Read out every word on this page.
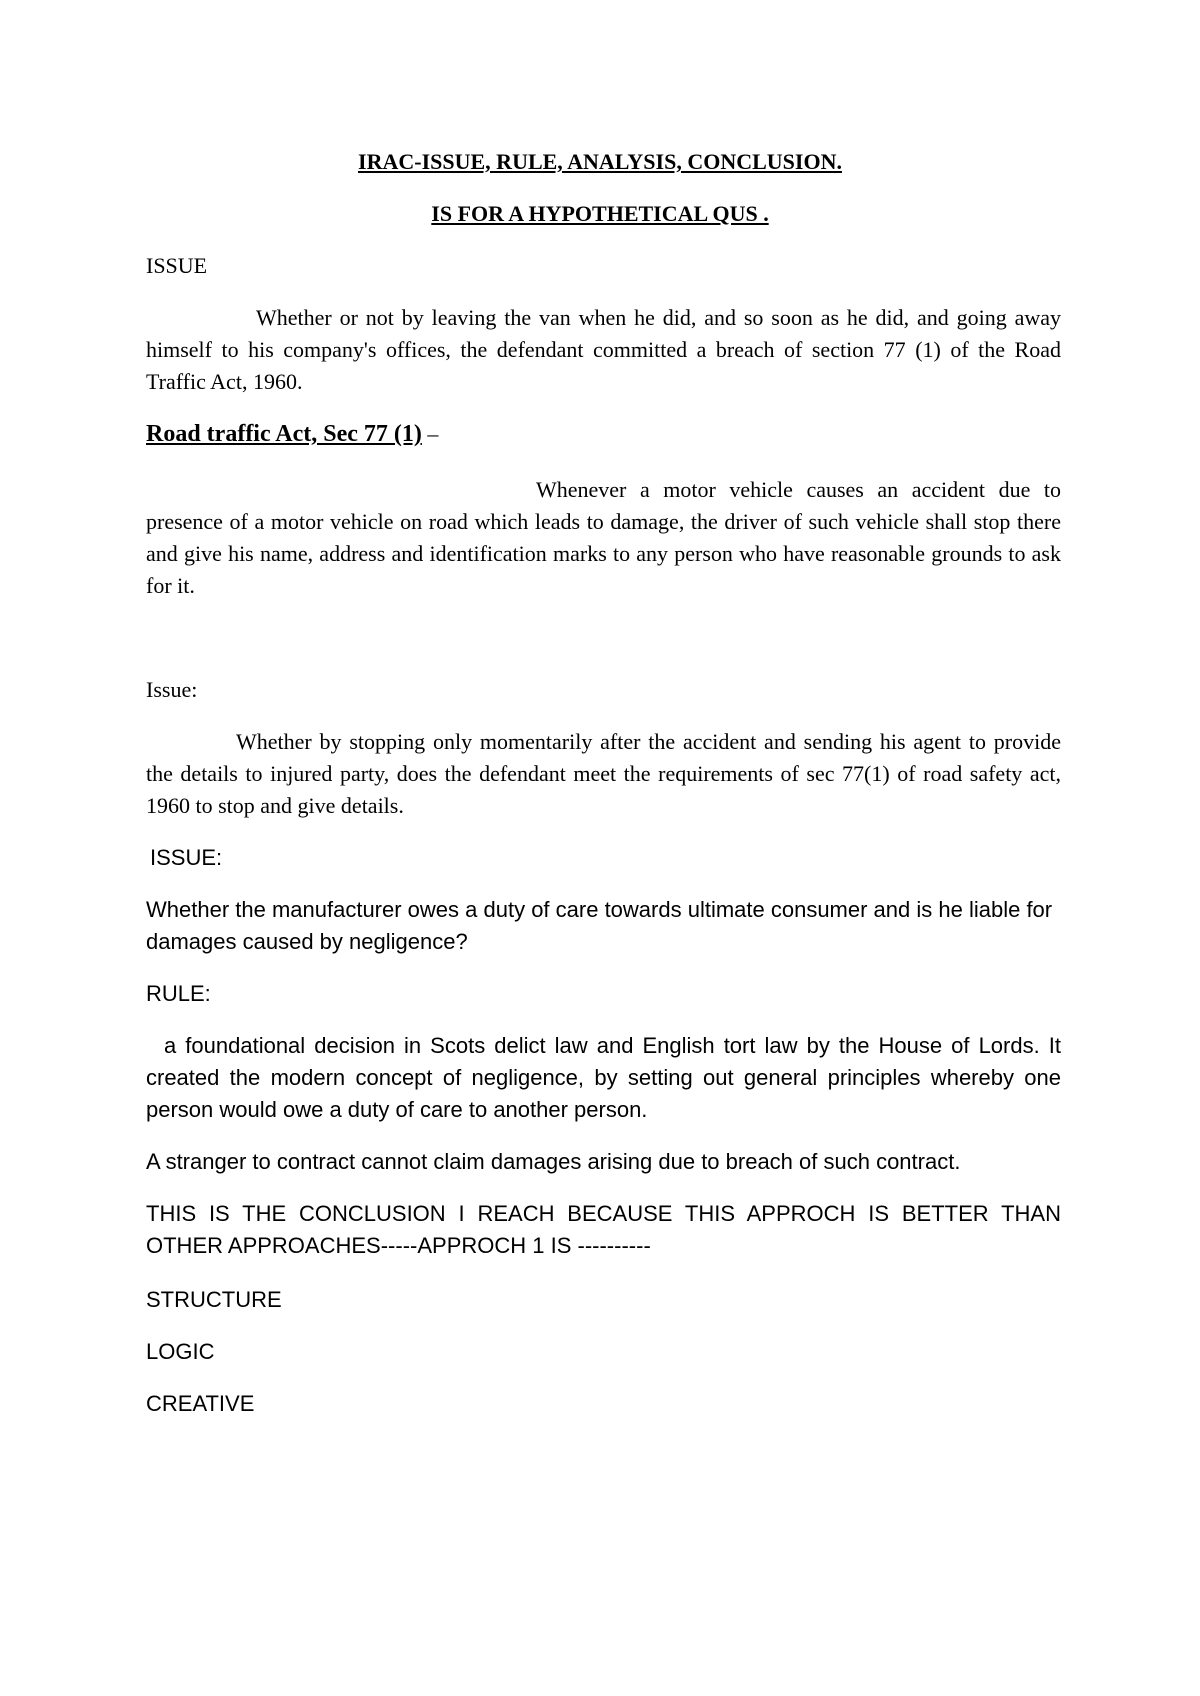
IRAC-ISSUE, RULE, ANALYSIS, CONCLUSION.

IS FOR A HYPOTHETICAL QUS .

ISSUE

Whether or not by leaving the van when he did, and so soon as he did, and going away himself to his company's offices, the defendant committed a breach of section 77 (1) of the Road Traffic Act, 1960.

Road traffic Act, Sec 77 (1) –

Whenever a motor vehicle causes an accident due to presence of a motor vehicle on road which leads to damage, the driver of such vehicle shall stop there and give his name, address and identification marks to any person who have reasonable grounds to ask for it.

Issue:

Whether by stopping only momentarily after the accident and sending his agent to provide the details to injured party, does the defendant meet the requirements of sec 77(1) of road safety act, 1960 to stop and give details.

ISSUE:

Whether the manufacturer owes a duty of care towards ultimate consumer and is he liable for damages caused by negligence?

RULE:

a foundational decision in Scots delict law and English tort law by the House of Lords. It created the modern concept of negligence, by setting out general principles whereby one person would owe a duty of care to another person.

A stranger to contract cannot claim damages arising due to breach of such contract.

THIS IS THE CONCLUSION I REACH BECAUSE THIS APPROCH IS BETTER THAN OTHER APPROACHES-----APPROCH 1 IS ----------

STRUCTURE

LOGIC

CREATIVE
